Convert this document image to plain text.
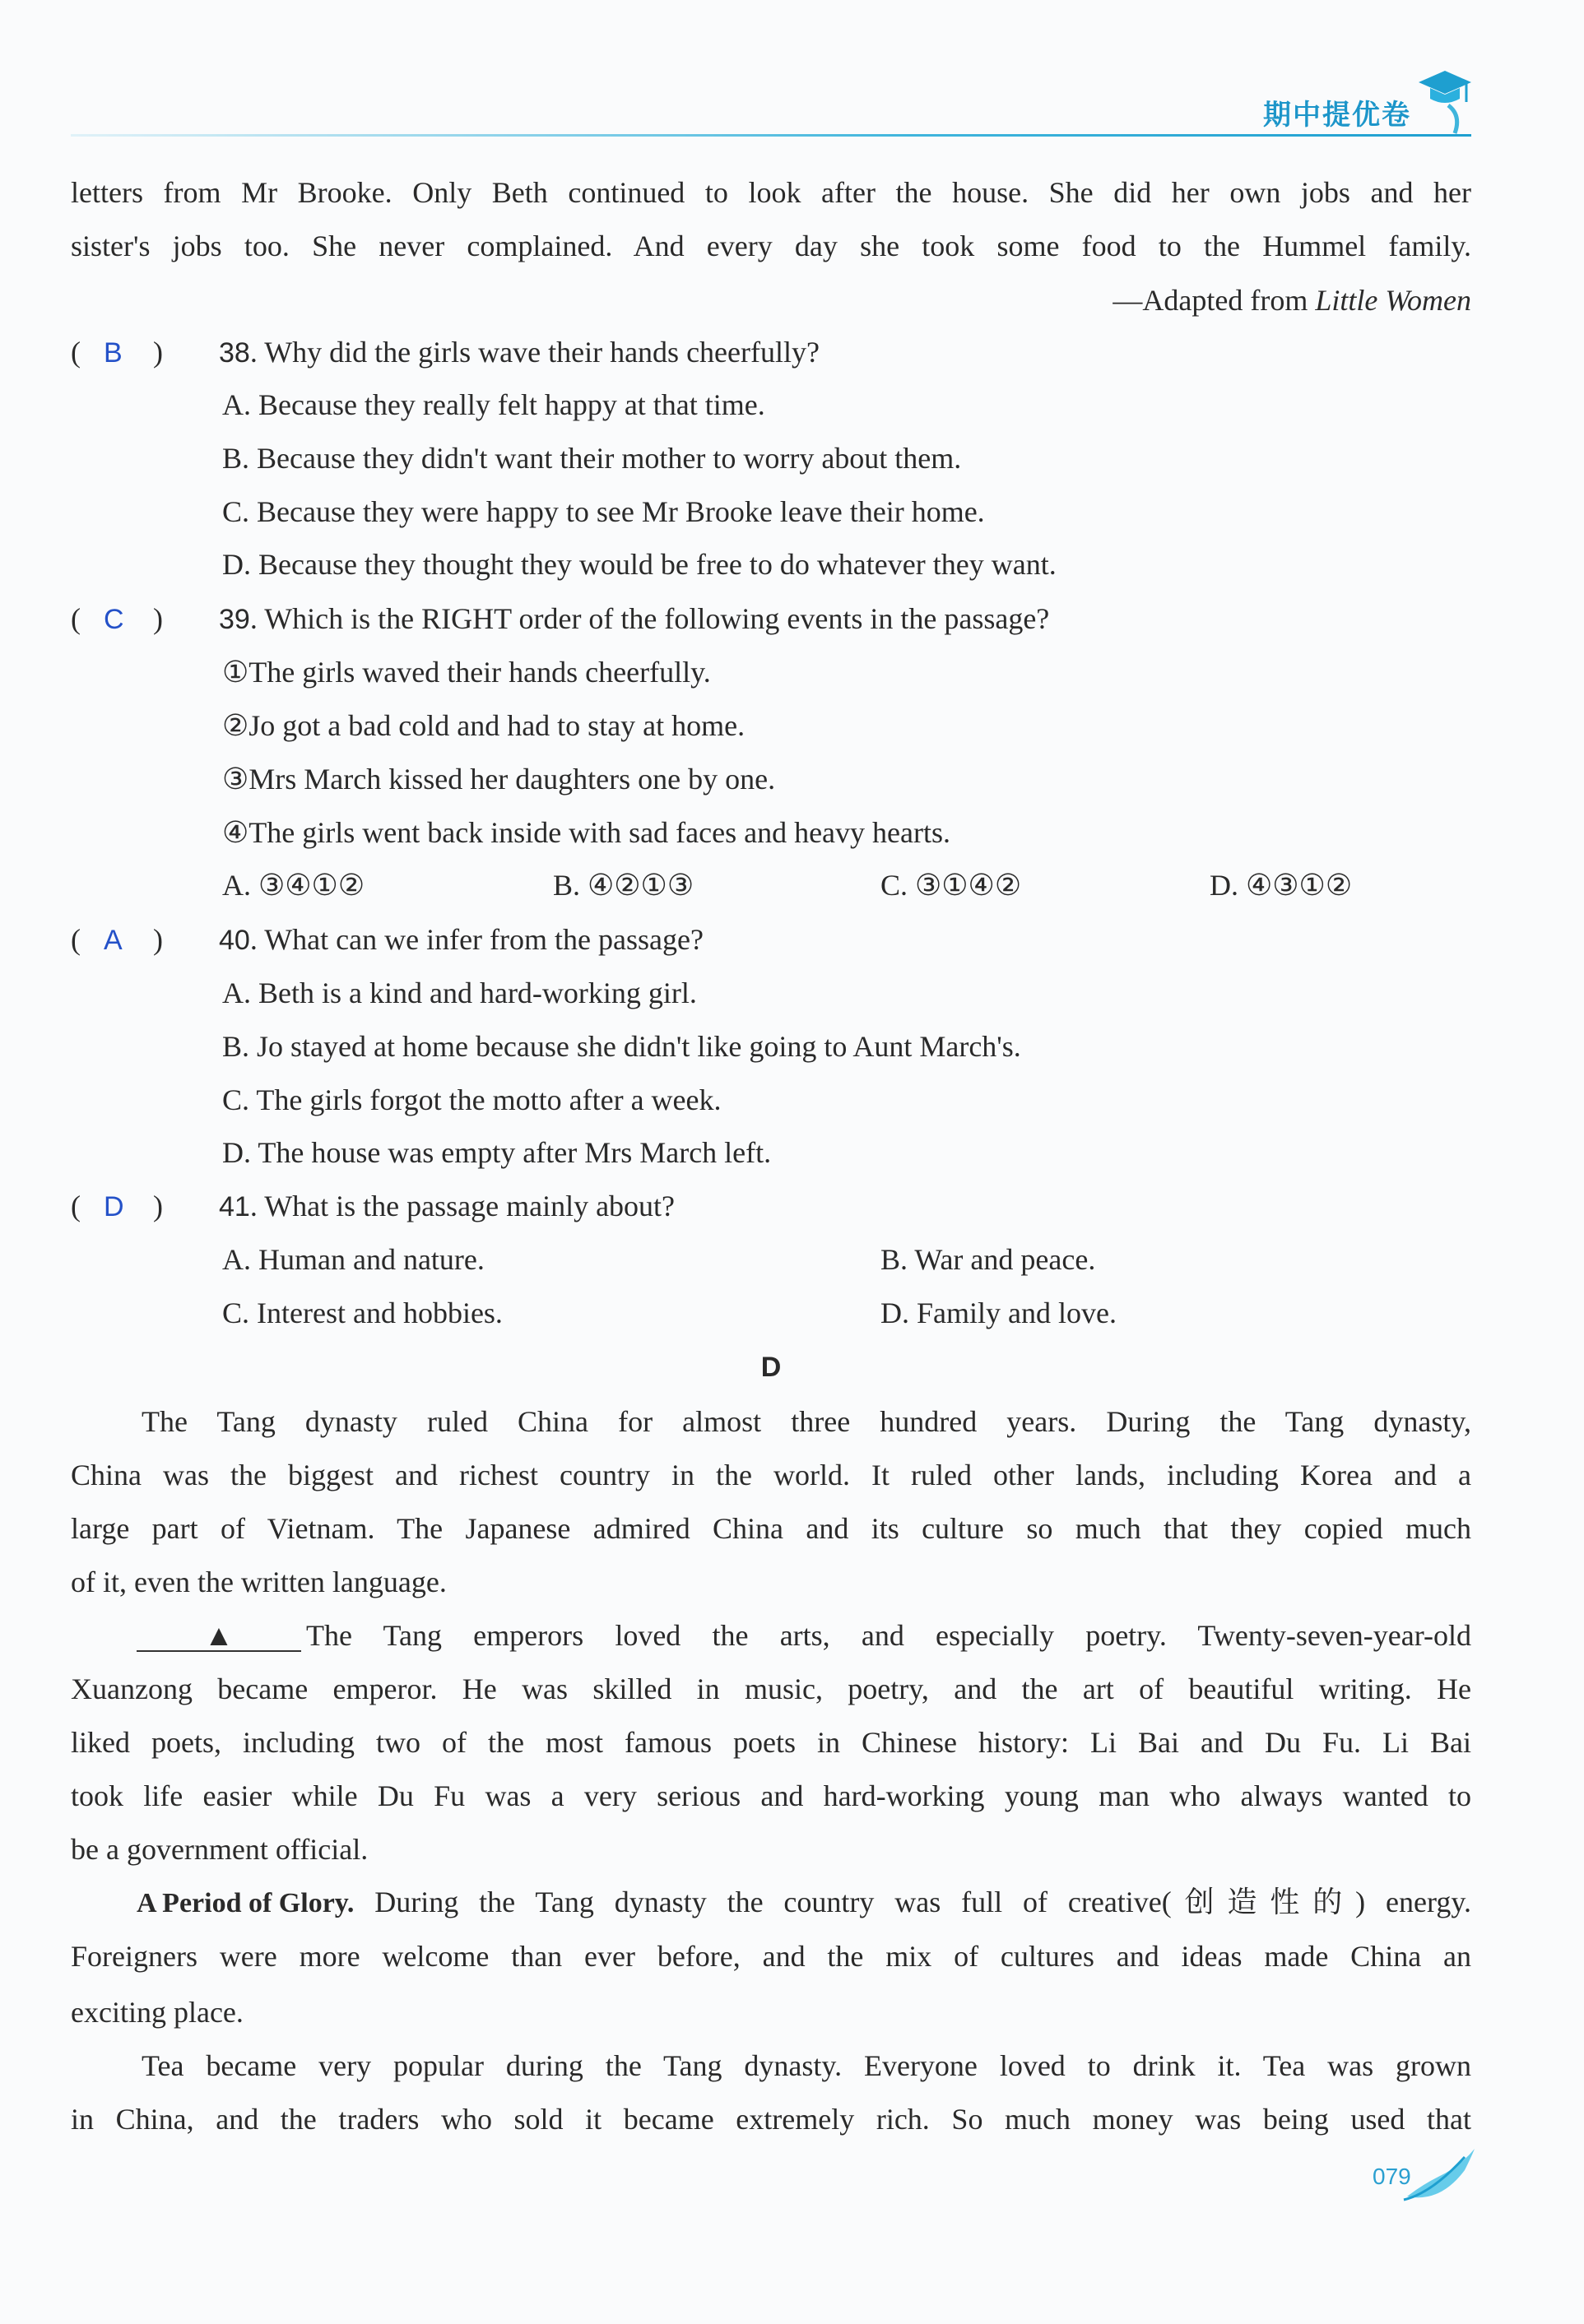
期中提优卷
letters from Mr Brooke. Only Beth continued to look after the house. She did her own jobs and her
sister's jobs too. She never complained. And every day she took some food to the Hummel family.
—Adapted from Little Women
( B ) 38. Why did the girls wave their hands cheerfully?
A. Because they really felt happy at that time.
B. Because they didn't want their mother to worry about them.
C. Because they were happy to see Mr Brooke leave their home.
D. Because they thought they would be free to do whatever they want.
( C ) 39. Which is the RIGHT order of the following events in the passage?
①The girls waved their hands cheerfully.
②Jo got a bad cold and had to stay at home.
③Mrs March kissed her daughters one by one.
④The girls went back inside with sad faces and heavy hearts.
A. ③④①②	B. ④②①③	C. ③①④②	D. ④③①②
( A ) 40. What can we infer from the passage?
A. Beth is a kind and hard-working girl.
B. Jo stayed at home because she didn't like going to Aunt March's.
C. The girls forgot the motto after a week.
D. The house was empty after Mrs March left.
( D ) 41. What is the passage mainly about?
A. Human and nature.	B. War and peace.
C. Interest and hobbies.	D. Family and love.
D
The Tang dynasty ruled China for almost three hundred years. During the Tang dynasty,
China was the biggest and richest country in the world. It ruled other lands, including Korea and a
large part of Vietnam. The Japanese admired China and its culture so much that they copied much
of it, even the written language.
▲	The Tang emperors loved the arts, and especially poetry. Twenty-seven-year-old
Xuanzong became emperor. He was skilled in music, poetry, and the art of beautiful writing. He
liked poets, including two of the most famous poets in Chinese history: Li Bai and Du Fu. Li Bai
took life easier while Du Fu was a very serious and hard-working young man who always wanted to
be a government official.
A Period of Glory. During the Tang dynasty the country was full of creative(创造性的) energy.
Foreigners were more welcome than ever before, and the mix of cultures and ideas made China an
exciting place.
Tea became very popular during the Tang dynasty. Everyone loved to drink it. Tea was grown
in China, and the traders who sold it became extremely rich. So much money was being used that
079
